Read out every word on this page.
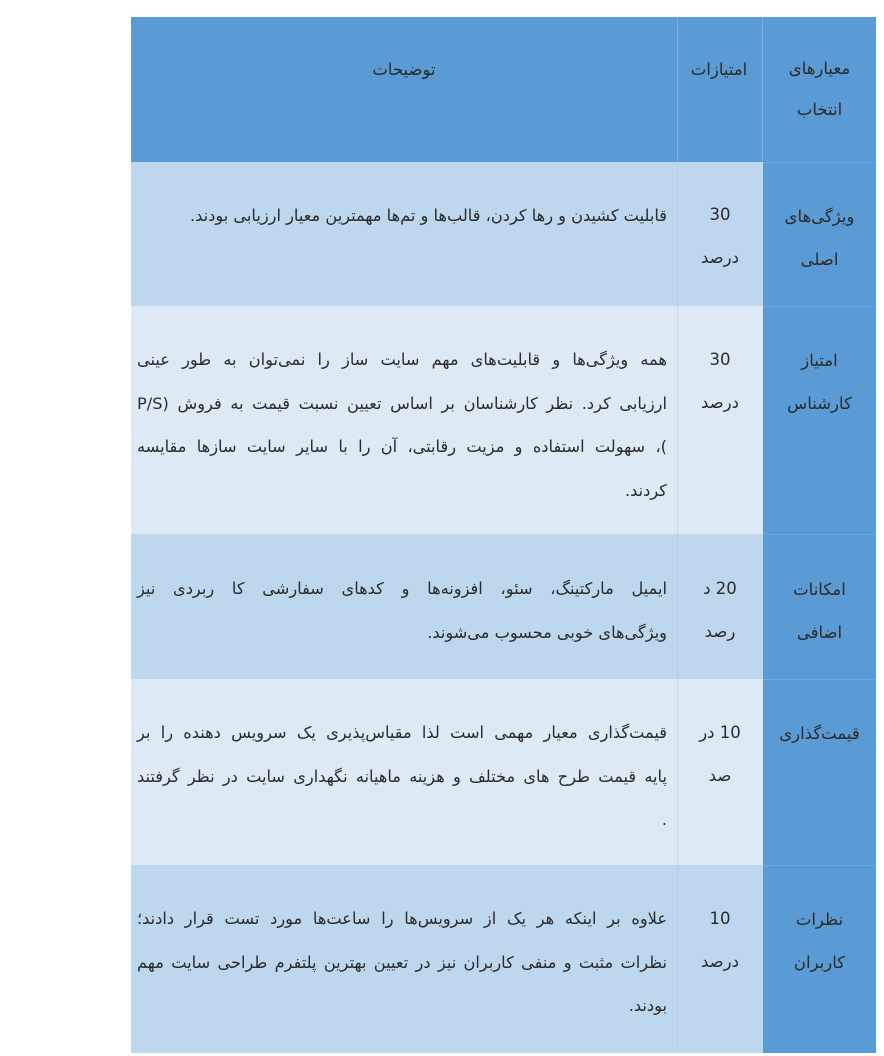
معیارهای
انتخاب
امتیازات
توضیحات
ویژگی‌های
اصلی
30
درصد
قابلیت کشیدن و رها کردن، قالب‌ها و تم‌ها مهمترین معیار ارزیابی بودند.
امتیاز
کارشناس
30
درصد
همه ویژگی‌ها و قابلیت‌های مهم سایت ساز را نمی‌توان به طور عینی
ارزیابی کرد. نظر کارشناسان بر اساس تعیین نسبت قیمت به فروش (P/S
)، سهولت استفاده و مزیت رقابتی، آن را با سایر سایت سازها مقایسه
کردند.
امکانات
اضافی
20 د
رصد
ایمیل مارکتینگ، سئو، افزونه‌ها و کدهای سفارشی کا ربردی نیز
ویژگی‌های خوبی محسوب می‌شوند.
قیمت‌گذاری
10 در
صد
قیمت‌گذاری معیار مهمی است لذا مقیاس‌پذیری یک سرویس دهنده را بر
پایه قیمت طرح های مختلف و هزینه ماهیانه نگهداری سایت در نظر گرفتند
.
نظرات
کاربران
10
درصد
علاوه بر اینکه هر یک از سرویس‌ها را ساعت‌ها مورد تست قرار دادند؛
نظرات مثبت و منفی کاربران نیز در تعیین بهترین پلتفرم طراحی سایت مهم
بودند.
